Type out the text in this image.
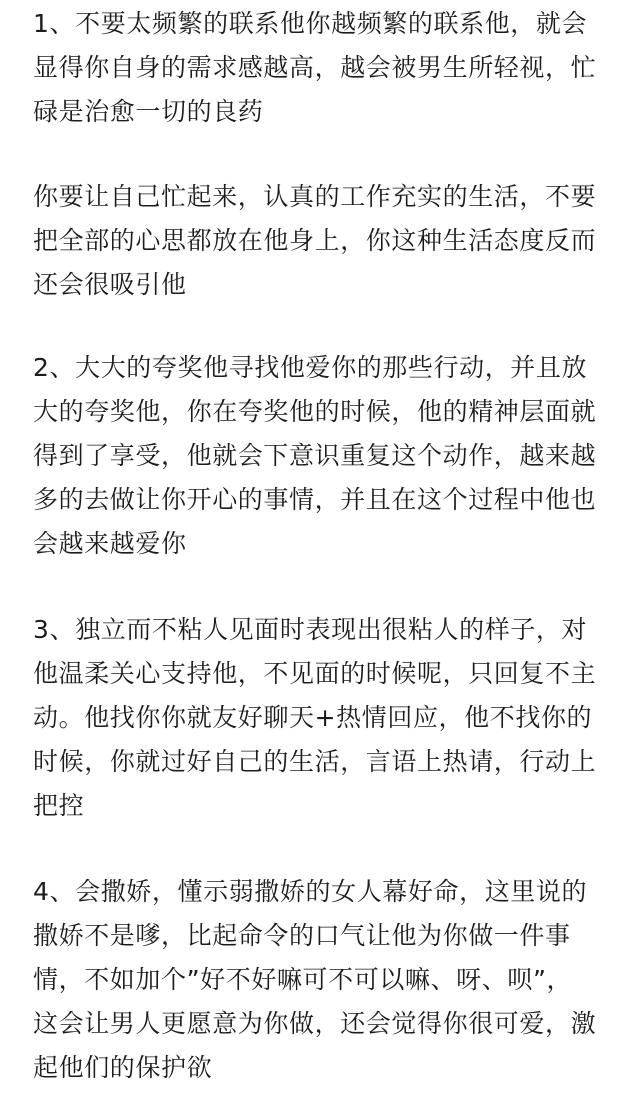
1、不要太频繁的联系他你越频繁的联系他，就会
显得你自身的需求感越高，越会被男生所轻视，忙
碌是治愈一切的良药

你要让自己忙起来，认真的工作充实的生活，不要
把全部的心思都放在他身上，你这种生活态度反而
还会很吸引他

2、大大的夸奖他寻找他爱你的那些行动，并且放
大的夸奖他，你在夸奖他的时候，他的精神层面就
得到了享受，他就会下意识重复这个动作，越来越
多的去做让你开心的事情，并且在这个过程中他也
会越来越爱你

3、独立而不粘人见面时表现出很粘人的样子，对
他温柔关心支持他，不见面的时候呢，只回复不主
动。他找你你就友好聊天+热情回应，他不找你的
时候，你就过好自己的生活，言语上热请，行动上
把控

4、会撒娇，懂示弱撒娇的女人幕好命，这里说的
撒娇不是嗲，比起命令的口气让他为你做一件事
情，不如加个”好不好嘛可不可以嘛、呀、呗”，
这会让男人更愿意为你做，还会觉得你很可爱，激
起他们的保护欲
